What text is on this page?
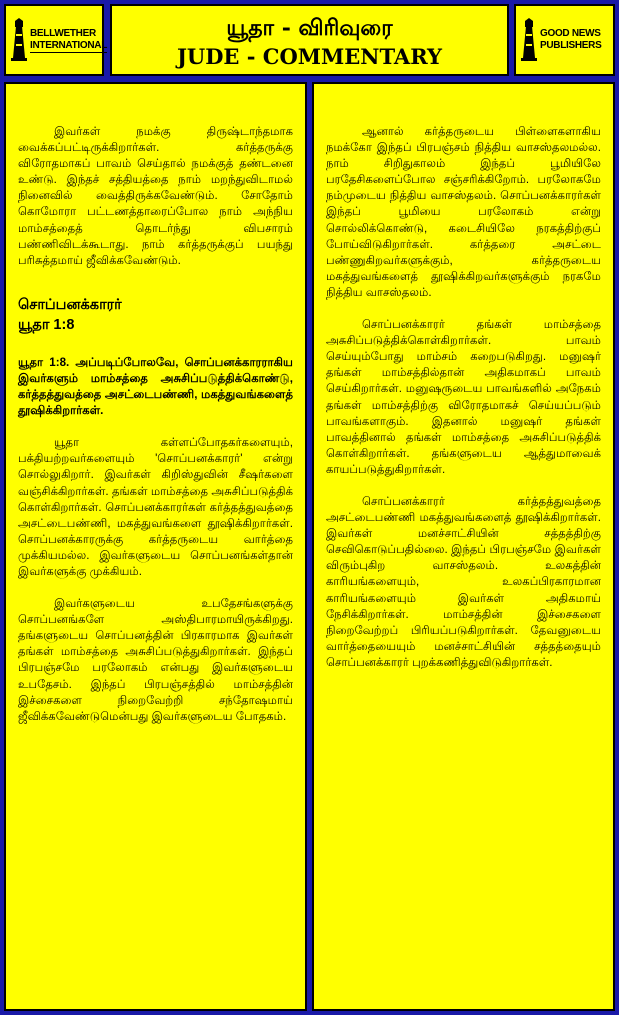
BELLWETHER
INTERNATIONAL
யூதா - விரிவுரை
JUDE - COMMENTARY
GOOD NEWS
PUBLISHERS

இவர்கள் நமக்கு திருஷ்டாந்தமாக வைக்கப்பட்டிருக்கிறார்கள். கர்த்தருக்கு விரோதமாகப் பாவம் செய்தால் நமக்குத் தண்டனை உண்டு. இந்தச் சத்தியத்தை நாம் மறந்துவிடாமல் நினைவில் வைத்திருக்கவேண்டும். சோதோம் கொமோரா பட்டணத்தாரைப்போல நாம் அந்நிய மாம்சத்தைத் தொடர்ந்து விபசாரம் பண்ணிவிடக்கூடாது. நாம் கர்த்தருக்குப் பயந்து பரிசுத்தமாய் ஜீவிக்கவேண்டும்.

சொப்பனக்காரர்
யூதா 1:8
யூதா 1:8. அப்படிப்போலவே, சொப்பனக்காரராகிய இவர்களும் மாம்சத்தை அசுசிப்படுத்திக்கொண்டு, கர்த்தத்துவத்தை அசட்டைபண்ணி, மகத்துவங்களைத் தூஷிக்கிறார்கள்.

யூதா கள்ளப்போதகர்களையும், பக்தியற்றவர்களையும் 'சொப்பனக்காரர்' என்று சொல்லுகிறார். இவர்கள் கிறிஸ்துவின் சீஷர்களை வஞ்சிக்கிறார்கள். தங்கள் மாம்சத்தை அசுசிப்படுத்திக் கொள்கிறார்கள். சொப்பனக்காரர்கள் கர்த்தத்துவத்தை அசட்டைபண்ணி, மகத்துவங்களை தூஷிக்கிறார்கள். சொப்பனக்காரருக்கு கர்த்தருடைய வார்த்தை முக்கியமல்ல. இவர்களுடைய சொப்பனங்கள்தான் இவர்களுக்கு முக்கியம்.

இவர்களுடைய உபதேசங்களுக்கு சொப்பனங்களே அஸ்திபாரமாயிருக்கிறது. தங்களுடைய சொப்பனத்தின் பிரகாரமாக இவர்கள் தங்கள் மாம்சத்தை அசுசிப்படுத்துகிறார்கள். இந்தப் பிரபஞ்சமே பரலோகம் என்பது இவர்களுடைய உபதேசம். இந்தப் பிரபஞ்சத்தில் மாம்சத்தின் இச்சைகளை நிறைவேற்றி சந்தோஷமாய் ஜீவிக்கவேண்டுமென்பது இவர்களுடைய போதகம்.

ஆனால் கர்த்தருடைய பிள்ளைகளாகிய நமக்கோ இந்தப் பிரபஞ்சம் நித்திய வாசஸ்தலமல்ல. நாம் சிறிதுகாலம் இந்தப் பூமியிலே பரதேசிகளைப்போல சஞ்சரிக்கிறோம். பரலோகமே நம்முடைய நித்திய வாசஸ்தலம். சொப்பனக்காரர்கள் இந்தப் பூமியை பரலோகம் என்று சொல்லிக்கொண்டு, கடைசியிலே நரகத்திற்குப் போய்விடுகிறார்கள். கர்த்தரை அசட்டை பண்ணுகிறவர்களுக்கும், கர்த்தருடைய மகத்துவங்களைத் தூஷிக்கிறவர்களுக்கும் நரகமே நித்திய வாசஸ்தலம்.

சொப்பனக்காரர் தங்கள் மாம்சத்தை அசுசிப்படுத்திக்கொள்கிறார்கள். பாவம் செய்யும்போது மாம்சம் கறைபடுகிறது. மனுஷர் தங்கள் மாம்சத்தில்தான் அதிகமாகப் பாவம் செய்கிறார்கள். மனுஷருடைய பாவங்களில் அநேகம் தங்கள் மாம்சத்திற்கு விரோதமாகச் செய்யப்படும் பாவங்களாகும். இதனால் மனுஷர் தங்கள் பாவத்தினால் தங்கள் மாம்சத்தை அசுசிப்படுத்திக் கொள்கிறார்கள். தங்களுடைய ஆத்துமாவைக் காயப்படுத்துகிறார்கள்.

சொப்பனக்காரர் கர்த்தத்துவத்தை அசட்டைபண்ணி மகத்துவங்களைத் தூஷிக்கிறார்கள். இவர்கள் மனச்சாட்சியின் சத்தத்திற்கு செவிகொடுப்பதில்லை. இந்தப் பிரபஞ்சமே இவர்கள் விரும்புகிற வாசஸ்தலம். உலகத்தின் காரியங்களையும், உலகப்பிரகாரமான காரியங்களையும் இவர்கள் அதிகமாய் நேசிக்கிறார்கள். மாம்சத்தின் இச்சைகளை நிறைவேற்றப் பிரியப்படுகிறார்கள். தேவனுடைய வார்த்தையையும் மனச்சாட்சியின் சத்தத்தையும் சொப்பனக்காரர் புறக்கணித்துவிடுகிறார்கள்.
